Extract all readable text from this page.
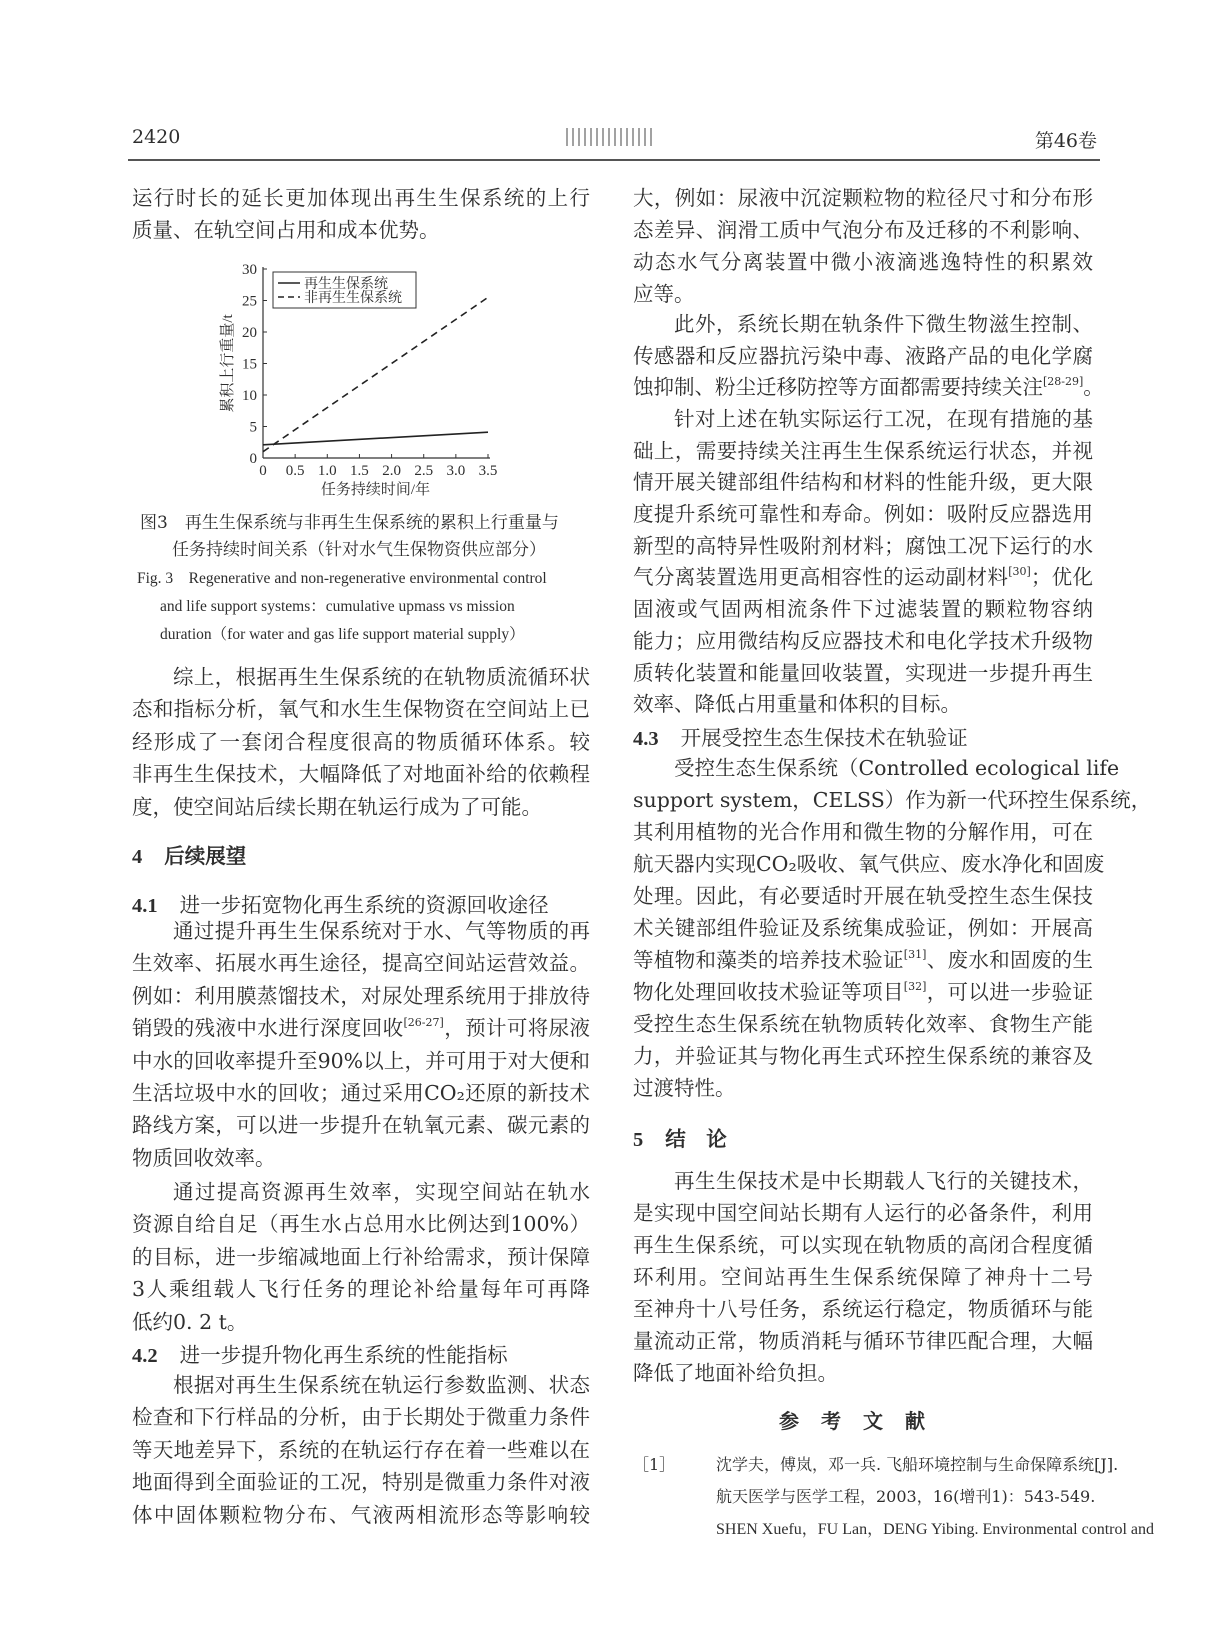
2420	第46卷
运行时长的延长更加体现出再生生保系统的上行
质量、在轨空间占用和成本优势。
0 0.5 1.0 1.5 2.0 2.5 3.0 3.5
0
5
10
15
20
25
30
任务持续时间/年
累积上行重量/t
再生生保系统
非再生生保系统
图3　再生生保系统与非再生生保系统的累积上行重量与
任务持续时间关系（针对水气生保物资供应部分）
Fig. 3　Regenerative and non-regenerative environmental control
and life support systems：cumulative upmass vs mission
duration（for water and gas life support material supply）
综上，根据再生生保系统的在轨物质流循环状
态和指标分析，氧气和水生生保物资在空间站上已
经形成了一套闭合程度很高的物质循环体系。较
非再生生保技术，大幅降低了对地面补给的依赖程
度，使空间站后续长期在轨运行成为了可能。
4 后续展望
4.1 进一步拓宽物化再生系统的资源回收途径
通过提升再生生保系统对于水、气等物质的再
生效率、拓展水再生途径，提高空间站运营效益。
例如：利用膜蒸馏技术，对尿处理系统用于排放待
销毁的残液中水进行深度回收[26-27]，预计可将尿液
中水的回收率提升至90%以上，并可用于对大便和
生活垃圾中水的回收；通过采用CO₂还原的新技术
路线方案，可以进一步提升在轨氧元素、碳元素的
物质回收效率。
通过提高资源再生效率，实现空间站在轨水
资源自给自足（再生水占总用水比例达到100%）
的目标，进一步缩减地面上行补给需求，预计保障
3人乘组载人飞行任务的理论补给量每年可再降
低约0. 2 t。
4.2 进一步提升物化再生系统的性能指标
根据对再生生保系统在轨运行参数监测、状态
检查和下行样品的分析，由于长期处于微重力条件
等天地差异下，系统的在轨运行存在着一些难以在
地面得到全面验证的工况，特别是微重力条件对液
体中固体颗粒物分布、气液两相流形态等影响较
大，例如：尿液中沉淀颗粒物的粒径尺寸和分布形
态差异、润滑工质中气泡分布及迁移的不利影响、
动态水气分离装置中微小液滴逃逸特性的积累效
应等。
此外，系统长期在轨条件下微生物滋生控制、
传感器和反应器抗污染中毒、液路产品的电化学腐
蚀抑制、粉尘迁移防控等方面都需要持续关注[28-29]。
针对上述在轨实际运行工况，在现有措施的基
础上，需要持续关注再生生保系统运行状态，并视
情开展关键部组件结构和材料的性能升级，更大限
度提升系统可靠性和寿命。例如：吸附反应器选用
新型的高特异性吸附剂材料；腐蚀工况下运行的水
气分离装置选用更高相容性的运动副材料[30]；优化
固液或气固两相流条件下过滤装置的颗粒物容纳
能力；应用微结构反应器技术和电化学技术升级物
质转化装置和能量回收装置，实现进一步提升再生
效率、降低占用重量和体积的目标。
4.3 开展受控生态生保技术在轨验证
受控生态生保系统（Controlled ecological life
support system，CELSS）作为新一代环控生保系统，
其利用植物的光合作用和微生物的分解作用，可在
航天器内实现CO₂吸收、氧气供应、废水净化和固废
处理。因此，有必要适时开展在轨受控生态生保技
术关键部组件验证及系统集成验证，例如：开展高
等植物和藻类的培养技术验证[31]、废水和固废的生
物化处理回收技术验证等项目[32]，可以进一步验证
受控生态生保系统在轨物质转化效率、食物生产能
力，并验证其与物化再生式环控生保系统的兼容及
过渡特性。
5 结　论
再生生保技术是中长期载人飞行的关键技术，
是实现中国空间站长期有人运行的必备条件，利用
再生生保系统，可以实现在轨物质的高闭合程度循
环利用。空间站再生生保系统保障了神舟十二号
至神舟十八号任务，系统运行稳定，物质循环与能
量流动正常，物质消耗与循环节律匹配合理，大幅
降低了地面补给负担。
参考文献
［1］	沈学夫，傅岚，邓一兵. 飞船环境控制与生命保障系统[J].
航天医学与医学工程，2003，16(增刊1)：543-549.
SHEN Xuefu，FU Lan，DENG Yibing. Environmental control and
